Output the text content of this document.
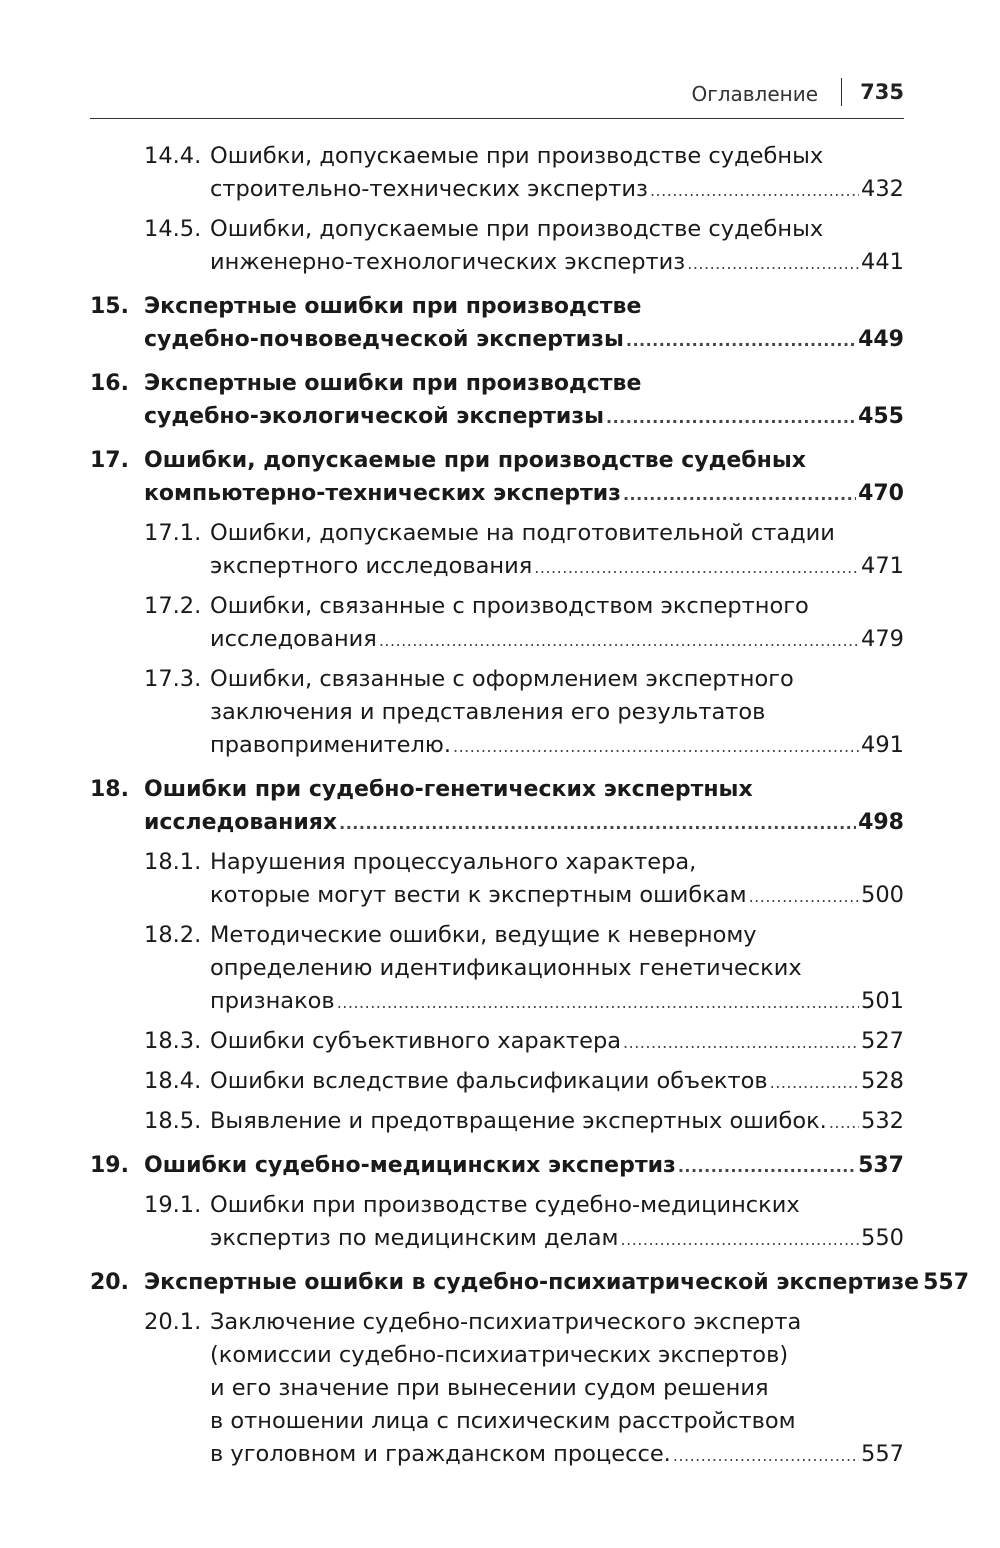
Оглавление 735
14.4. Ошибки, допускаемые при производстве судебных
строительно-технических экспертиз .....	432
14.5. Ошибки, допускаемые при производстве судебных
инженерно-технологических экспертиз .....	441
15. Экспертные ошибки при производстве
судебно-почвоведческой экспертизы .....	449
16. Экспертные ошибки при производстве
судебно-экологической экспертизы .....	455
17. Ошибки, допускаемые при производстве судебных
компьютерно-технических экспертиз .....	470
17.1. Ошибки, допускаемые на подготовительной стадии
экспертного исследования .....	471
17.2. Ошибки, связанные с производством экспертного
исследования .....	479
17.3. Ошибки, связанные с оформлением экспертного
заключения и представления его результатов
правоприменителю. .....	491
18. Ошибки при судебно-генетических экспертных
исследованиях .....	498
18.1. Нарушения процессуального характера,
которые могут вести к экспертным ошибкам .....	500
18.2. Методические ошибки, ведущие к неверному
определению идентификационных генетических
признаков .....	501
18.3. Ошибки субъективного характера .....	527
18.4. Ошибки вследствие фальсификации объектов .....	528
18.5. Выявление и предотвращение экспертных ошибок. ..... 532
19. Ошибки судебно-медицинских экспертиз .....	537
19.1. Ошибки при производстве судебно-медицинских
экспертиз по медицинским делам .....	550
20. Экспертные ошибки в судебно-психиатрической экспертизе 557
20.1. Заключение судебно-психиатрического эксперта
(комиссии судебно-психиатрических экспертов)
и его значение при вынесении судом решения
в отношении лица с психическим расстройством
в уголовном и гражданском процессе. .....	557
